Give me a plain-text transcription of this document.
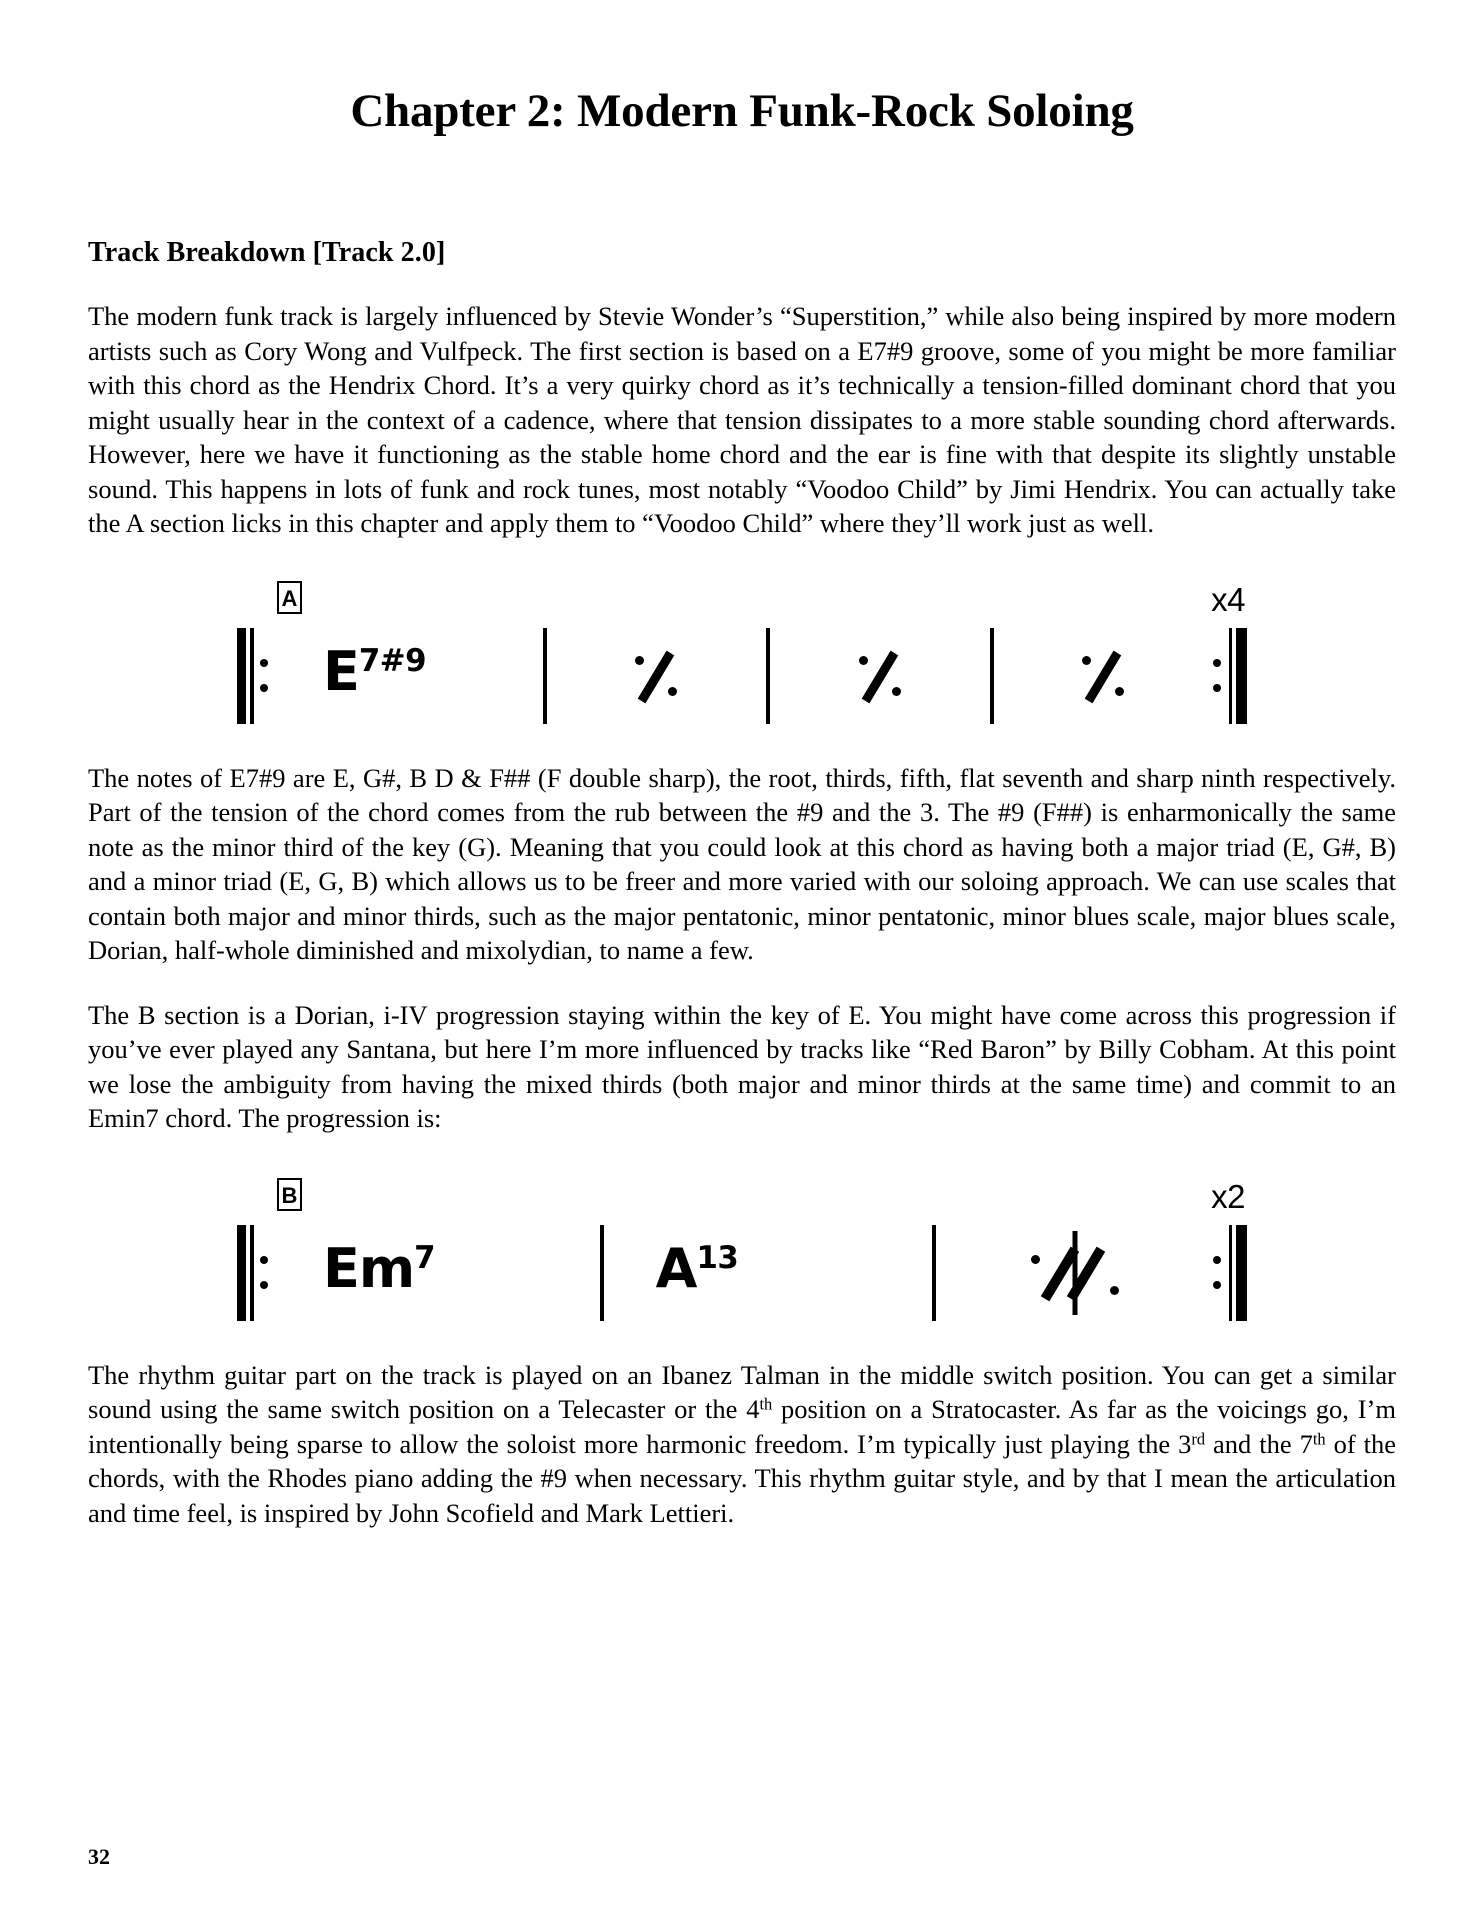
Chapter 2: Modern Funk-Rock Soloing
Track Breakdown [Track 2.0]

The modern funk track is largely influenced by Stevie Wonder’s “Superstition,” while also being inspired by more modern artists such as Cory Wong and Vulfpeck. The first section is based on a E7#9 groove, some of you might be more familiar with this chord as the Hendrix Chord. It’s a very quirky chord as it’s technically a tension-filled dominant chord that you might usually hear in the context of a cadence, where that tension dissipates to a more stable sounding chord afterwards. However, here we have it functioning as the stable home chord and the ear is fine with that despite its slightly unstable sound. This happens in lots of funk and rock tunes, most notably “Voodoo Child” by Jimi Hendrix. You can actually take the A section licks in this chapter and apply them to “Voodoo Child” where they’ll work just as well.

A	x4
$E^{7\#9}$

The notes of E7#9 are E, G#, B D & F## (F double sharp), the root, thirds, fifth, flat seventh and sharp ninth respectively. Part of the tension of the chord comes from the rub between the #9 and the 3. The #9 (F##) is enharmonically the same note as the minor third of the key (G). Meaning that you could look at this chord as having both a major triad (E, G#, B) and a minor triad (E, G, B) which allows us to be freer and more varied with our soloing approach. We can use scales that contain both major and minor thirds, such as the major pentatonic, minor pentatonic, minor blues scale, major blues scale, Dorian, half-whole diminished and mixolydian, to name a few.

The B section is a Dorian, i-IV progression staying within the key of E. You might have come across this progression if you’ve ever played any Santana, but here I’m more influenced by tracks like “Red Baron” by Billy Cobham. At this point we lose the ambiguity from having the mixed thirds (both major and minor thirds at the same time) and commit to an Emin7 chord. The progression is:

B	x2
Em$^7$	$A^{13}$

The rhythm guitar part on the track is played on an Ibanez Talman in the middle switch position. You can get a similar sound using the same switch position on a Telecaster or the 4th position on a Stratocaster. As far as the voicings go, I’m intentionally being sparse to allow the soloist more harmonic freedom. I’m typically just playing the 3rd and the 7th of the chords, with the Rhodes piano adding the #9 when necessary. This rhythm guitar style, and by that I mean the articulation and time feel, is inspired by John Scofield and Mark Lettieri.

32
